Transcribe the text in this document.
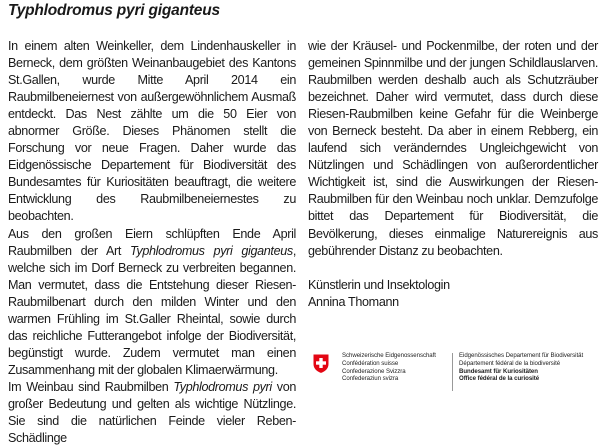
Typhlodromus pyri giganteus

In einem alten Weinkeller, dem Lindenhauskeller in Berneck, dem größten Weinanbaugebiet des Kantons St.Gallen, wurde Mitte April 2014 ein Raubmilbeneiernest von außergewöhnlichem Ausmaß entdeckt. Das Nest zählte um die 50 Eier von abnormer Größe. Dieses Phänomen stellt die Forschung vor neue Fragen. Daher wurde das Eidgenössische Departement für Biodiversität des Bundesamtes für Kuriositäten beauftragt, die weitere Entwicklung des Raubmilbeneiernestes zu beobachten.

Aus den großen Eiern schlüpften Ende April Raubmilben der Art Typhlodromus pyri giganteus, welche sich im Dorf Berneck zu verbreiten begannen. Man vermutet, dass die Entstehung dieser Riesen-Raubmilbenart durch den milden Winter und den warmen Frühling im St.Galler Rheintal, sowie durch das reichliche Futterangebot infolge der Biodiversität, begünstigt wurde. Zudem vermutet man einen Zusammenhang mit der globalen Klimaerwärmung.

Im Weinbau sind Raubmilben Typhlodromus pyri von großer Bedeutung und gelten als wichtige Nützlinge. Sie sind die natürlichen Feinde vieler Reben-Schädlinge

wie der Kräusel- und Pockenmilbe, der roten und der gemeinen Spinnmilbe und der jungen Schildlauslarven. Raubmilben werden deshalb auch als Schutzräuber bezeichnet. Daher wird vermutet, dass durch diese Riesen-Raubmilben keine Gefahr für die Weinberge von Berneck besteht. Da aber in einem Rebberg, ein laufend sich veränderndes Ungleichgewicht von Nützlingen und Schädlingen von außerordentlicher Wichtigkeit ist, sind die Auswirkungen der Riesen-Raubmilben für den Weinbau noch unklar. Demzufolge bittet das Departement für Biodiversität, die Bevölkerung, dieses einmalige Naturereignis aus gebührender Distanz zu beobachten.

Künstlerin und Insektologin
Annina Thomann

Schweizerische Eidgenossenschaft
Confédération suisse
Confederazione Svizzra
Confederaziun svizra
Eidgenössisches Departement für Biodiversität
Département fédéral de la biodiversité
Bundesamt für Kuriositäten
Office fédéral de la curiosité
